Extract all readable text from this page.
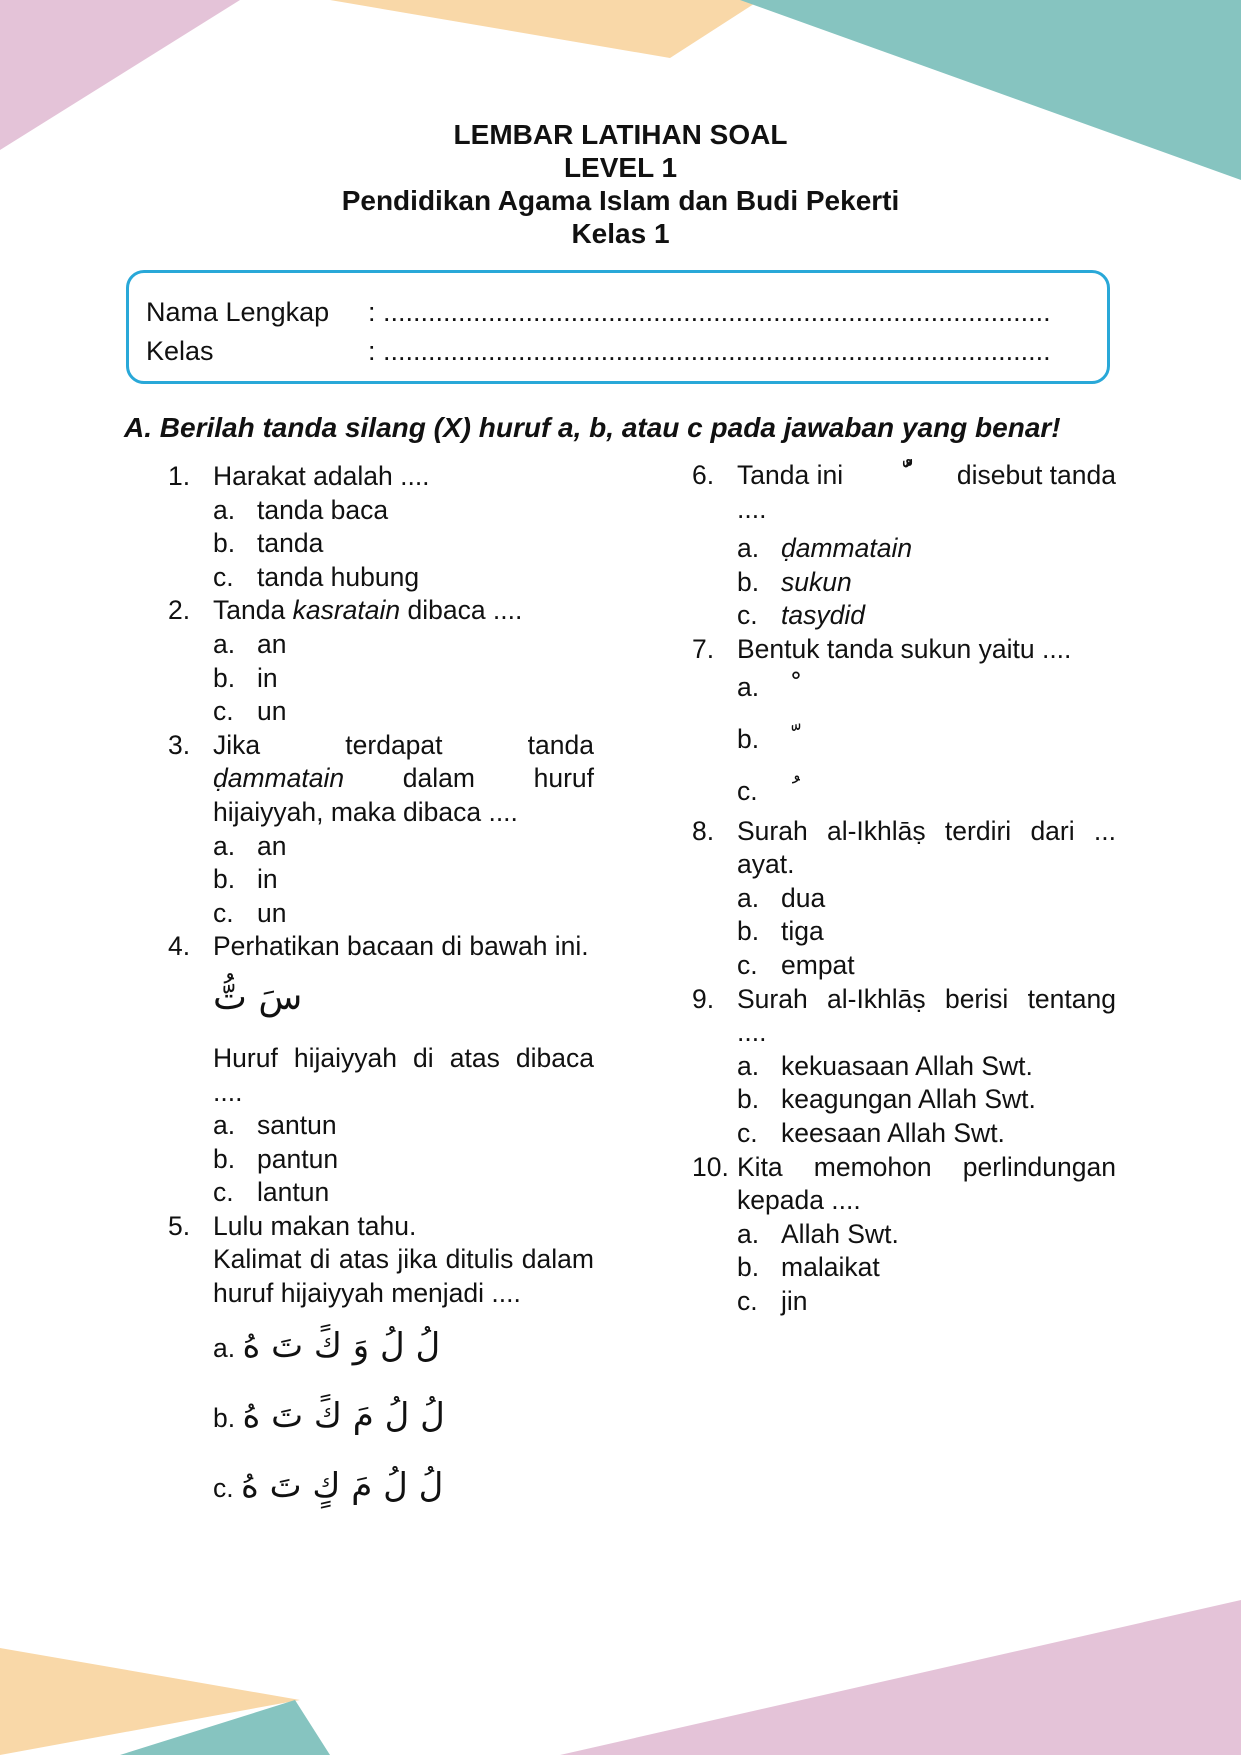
LEMBAR LATIHAN SOAL
LEVEL 1
Pendidikan Agama Islam dan Budi Pekerti
Kelas 1
Nama Lengkap : .........................................................................................
Kelas	: .........................................................................................
A. Berilah tanda silang (X) huruf a, b, atau c pada jawaban yang benar!
1. Harakat adalah ....
a. tanda baca
b. tanda
c. tanda hubung
2. Tanda kasratain dibaca ....
a. an
b. in
c. un
3. Jika	terdapat	tanda
ḍammatain dalam huruf
hijaiyyah, maka dibaca ....
a. an
b. in
c. un
4. Perhatikan bacaan di bawah ini.
سَ تُّ
Huruf hijaiyyah di atas dibaca ....
a. santun
b. pantun
c. lantun
5. Lulu makan tahu.
Kalimat di atas jika ditulis dalam huruf hijaiyyah menjadi ....
a. لُ لُ وَ كً تَ هُ
b. لُ لُ مَ كً تَ هُ
c. لُ لُ مَ كٍ تَ هُ
6. Tanda ini	disebut tanda
....
a. ḍammatain
b. sukun
c. tasydid
7. Bentuk tanda sukun yaitu ....
a.
b.
c.
8. Surah al-Ikhlāṣ terdiri dari ... ayat.
a. dua
b. tiga
c. empat
9. Surah al-Ikhlāṣ berisi tentang ....
a. kekuasaan Allah Swt.
b. keagungan Allah Swt.
c. keesaan Allah Swt.
10. Kita memohon perlindungan kepada ....
a. Allah Swt.
b. malaikat
c. jin
